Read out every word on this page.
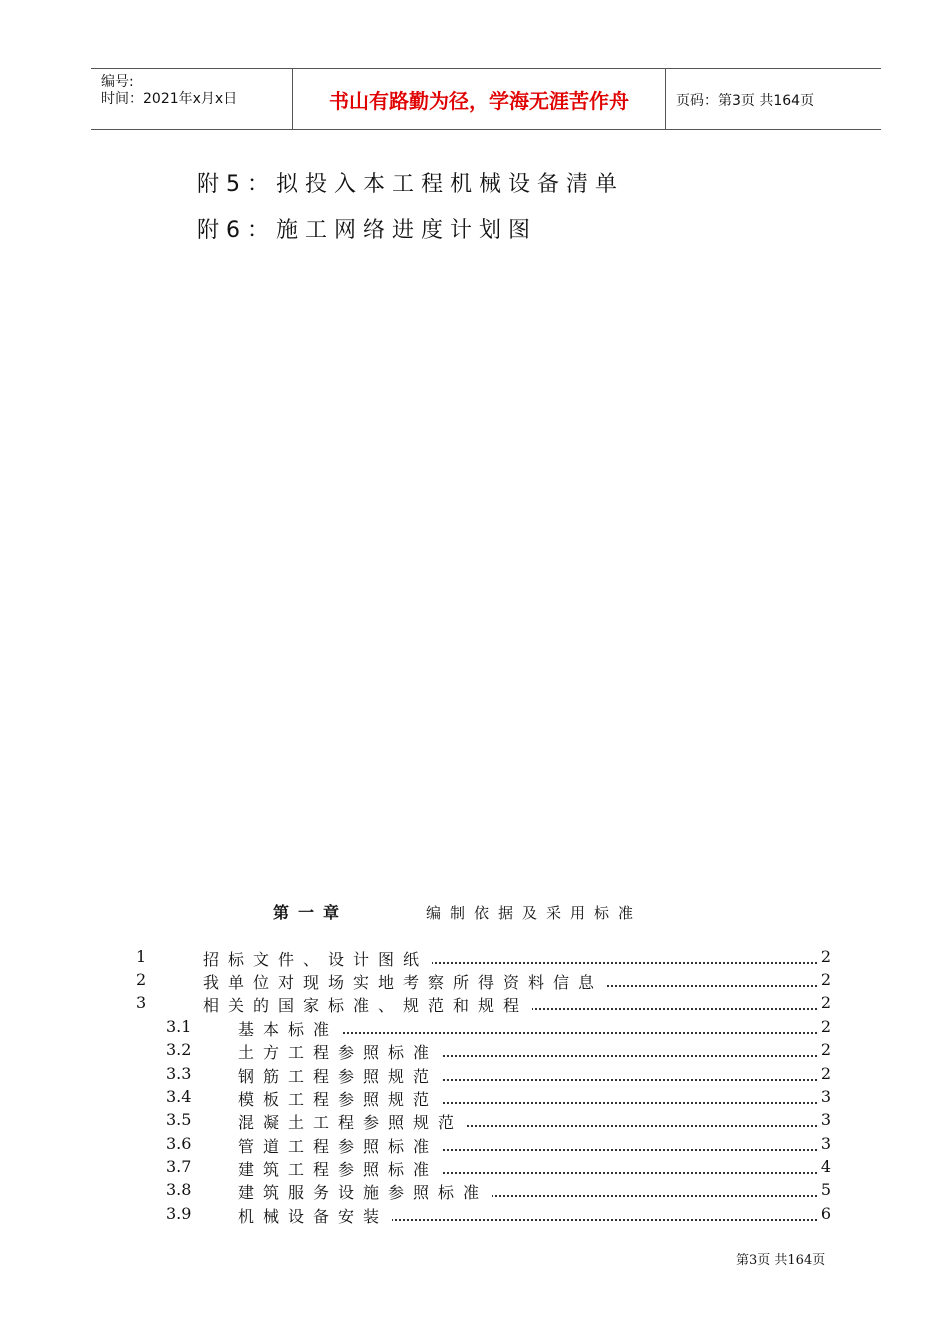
编号:
时间：2021年x月x日	书山有路勤为径，学海无涯苦作舟	页码：第3页 共164页
附5：拟投入本工程机械设备清单
附6：施工网络进度计划图
第一章	编制依据及采用标准
1	招标文件、设计图纸	2
2	我单位对现场实地考察所得资料信息	2
3	相关的国家标准、规范和规程	2
3.1	基本标准	2
3.2	土方工程参照标准	2
3.3	钢筋工程参照规范	2
3.4	模板工程参照规范	3
3.5	混凝土工程参照规范	3
3.6	管道工程参照标准	3
3.7	建筑工程参照标准	4
3.8	建筑服务设施参照标准	5
3.9	机械设备安装	6
第3页 共164页
